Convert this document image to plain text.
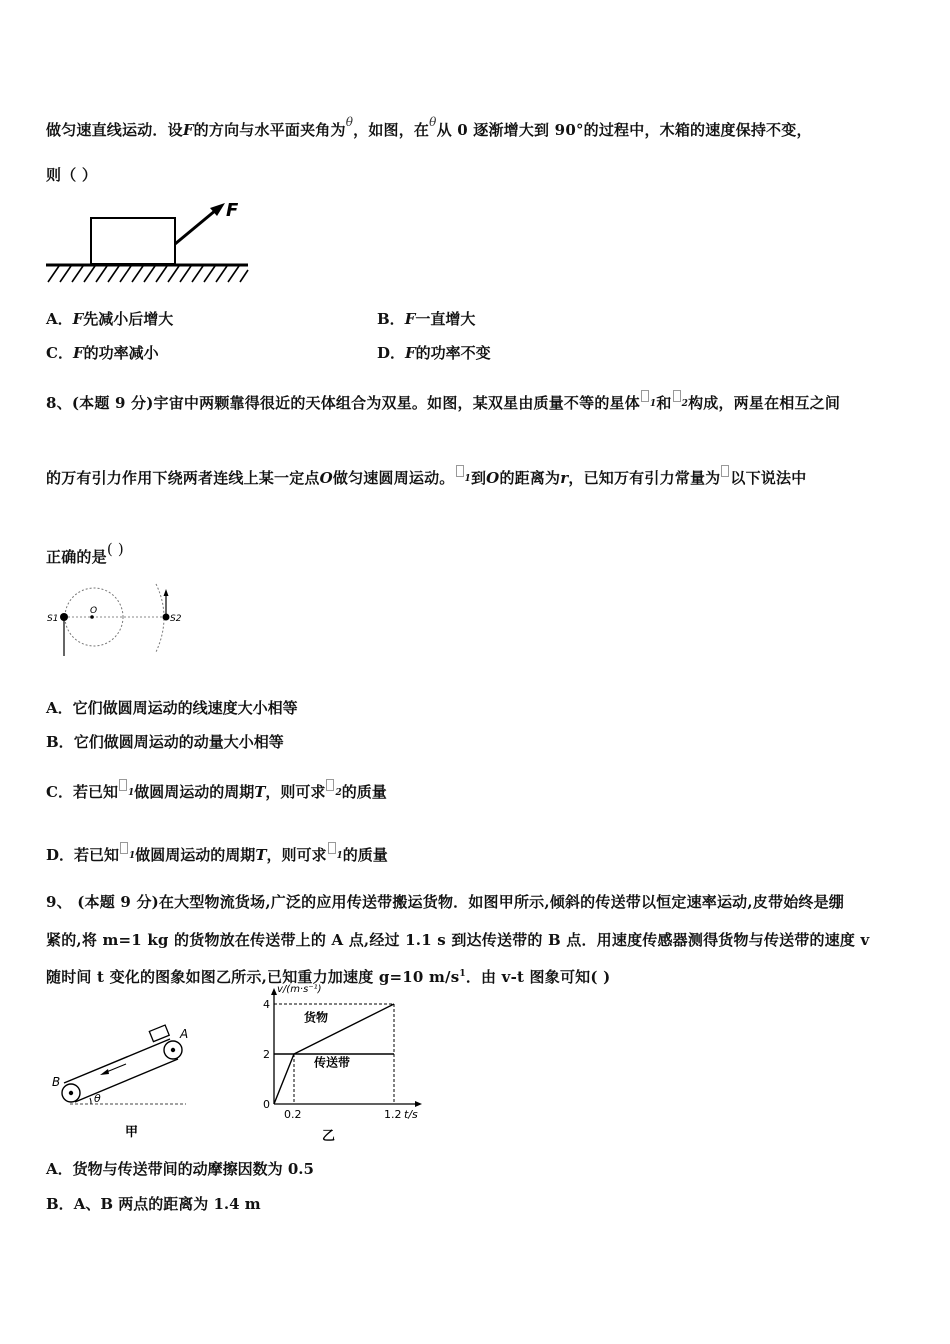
做匀速直线运动．设F的方向与水平面夹角为$^\theta$，如图，在$^\theta$从 0 逐渐增大到 90°的过程中，木箱的速度保持不变，
则（ ）
F
A．F先减小后增大	B．F一直增大
C．F的功率减小	D．F的功率不变
8、(本题 9 分)宇宙中两颗靠得很近的天体组合为双星。如图，某双星由质量不等的星体 $^1$和 $^2$构成，两星在相互之间
的万有引力作用下绕两者连线上某一定点O做匀速圆周运动。 $^1$到O的距离为r，已知万有引力常量为 以下说法中
正确的是( )
S1
O
S2
A．它们做圆周运动的线速度大小相等
B．它们做圆周运动的动量大小相等
C．若已知 $^1$做圆周运动的周期T，则可求 $^2$的质量
D．若已知 $^1$做圆周运动的周期T，则可求 $^1$的质量
9、 (本题 9 分)在大型物流货场,广泛的应用传送带搬运货物．如图甲所示,倾斜的传送带以恒定速率运动,皮带始终是绷
紧的,将 m=1 kg 的货物放在传送带上的 A 点,经过 1.1 s 到达传送带的 B 点．用速度传感器测得货物与传送带的速度 v
随时间 t 变化的图象如图乙所示,已知重力加速度 g=10 $m/s^1$．由 v-t 图象可知( )
A
B
θ
甲
货物
传送带
2
4
0
0.2	1.2
v/(m·s⁻¹)
t/s
乙
A．货物与传送带间的动摩擦因数为 0.5
B．A、B 两点的距离为 1.4 m
